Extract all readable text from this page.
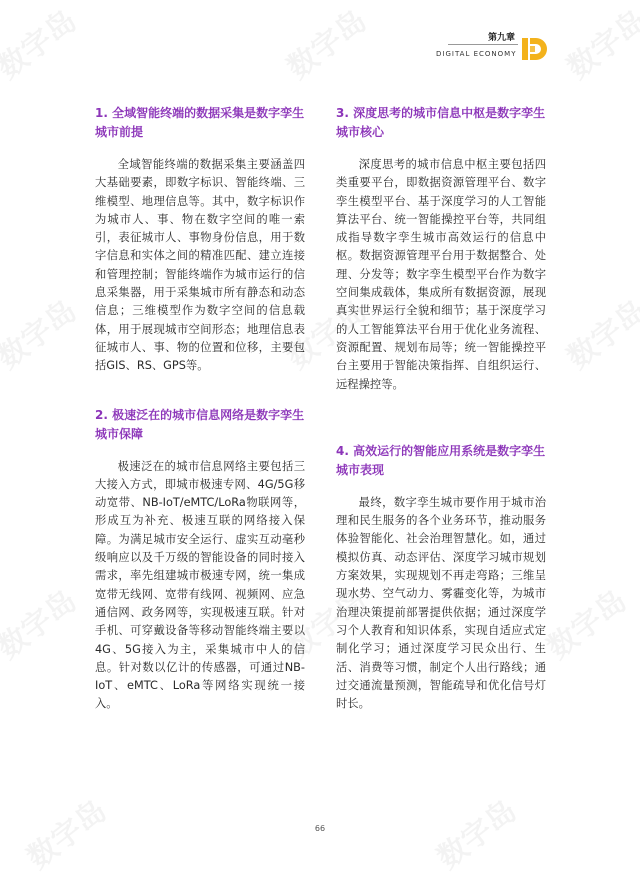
第九章
DIGITAL ECONOMY
1. 全域智能终端的数据采集是数字孪生城市前提

全域智能终端的数据采集主要涵盖四大基础要素，即数字标识、智能终端、三维模型、地理信息等。其中，数字标识作为城市人、事、物在数字空间的唯一索引，表征城市人、事物身份信息，用于数字信息和实体之间的精准匹配、建立连接和管理控制；智能终端作为城市运行的信息采集器，用于采集城市所有静态和动态信息；三维模型作为数字空间的信息载体，用于展现城市空间形态；地理信息表征城市人、事、物的位置和位移，主要包括GIS、RS、GPS等。

2. 极速泛在的城市信息网络是数字孪生城市保障

极速泛在的城市信息网络主要包括三大接入方式，即城市极速专网、4G/5G移动宽带、NB-IoT/eMTC/LoRa物联网等，形成互为补充、极速互联的网络接入保障。为满足城市安全运行、虚实互动毫秒级响应以及千万级的智能设备的同时接入需求，率先组建城市极速专网，统一集成宽带无线网、宽带有线网、视频网、应急通信网、政务网等，实现极速互联。针对手机、可穿戴设备等移动智能终端主要以4G、5G接入为主，采集城市中人的信息。针对数以亿计的传感器，可通过NB-IoT、eMTC、LoRa等网络实现统一接入。

3. 深度思考的城市信息中枢是数字孪生城市核心

深度思考的城市信息中枢主要包括四类重要平台，即数据资源管理平台、数字孪生模型平台、基于深度学习的人工智能算法平台、统一智能操控平台等，共同组成指导数字孪生城市高效运行的信息中枢。数据资源管理平台用于数据整合、处理、分发等；数字孪生模型平台作为数字空间集成载体，集成所有数据资源，展现真实世界运行全貌和细节；基于深度学习的人工智能算法平台用于优化业务流程、资源配置、规划布局等；统一智能操控平台主要用于智能决策指挥、自组织运行、远程操控等。

4. 高效运行的智能应用系统是数字孪生城市表现

最终，数字孪生城市要作用于城市治理和民生服务的各个业务环节，推动服务体验智能化、社会治理智慧化。如，通过模拟仿真、动态评估、深度学习城市规划方案效果，实现规划不再走弯路；三维呈现水势、空气动力、雾霾变化等，为城市治理决策提前部署提供依据；通过深度学习个人教育和知识体系，实现自适应式定制化学习；通过深度学习民众出行、生活、消费等习惯，制定个人出行路线；通过交通流量预测，智能疏导和优化信号灯时长。

66
